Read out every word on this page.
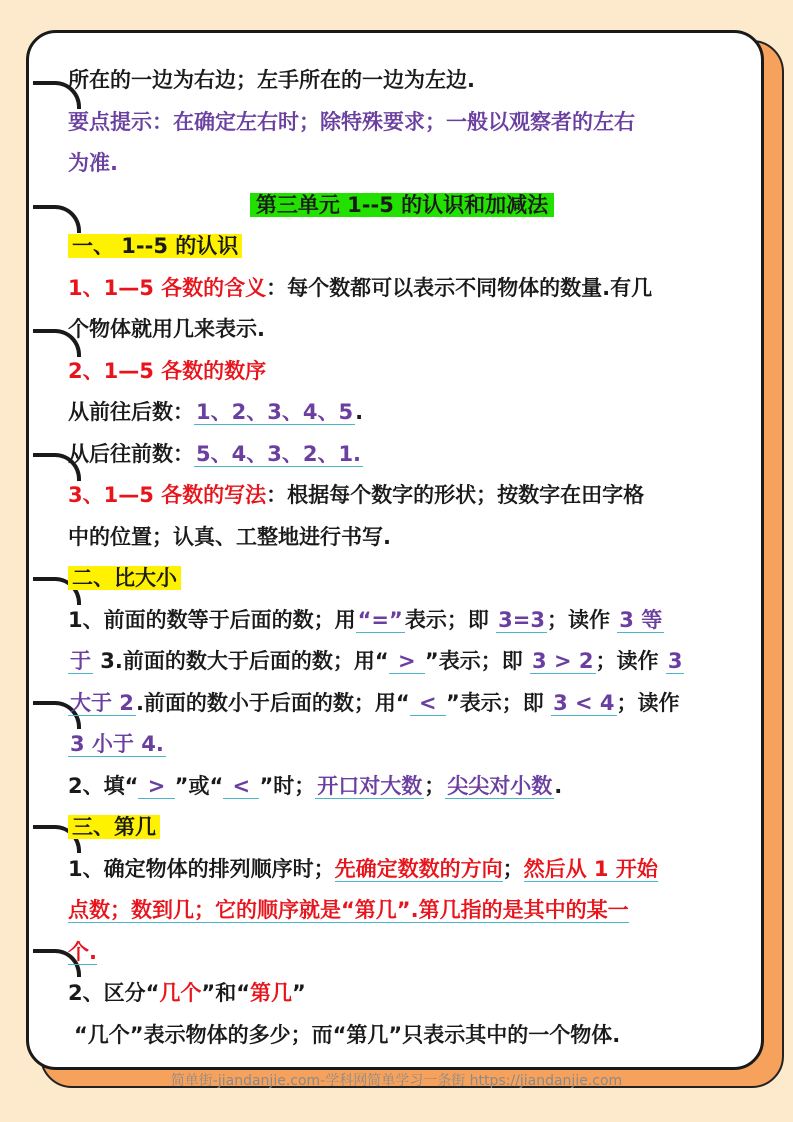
所在的一边为右边；左手所在的一边为左边.
要点提示：在确定左右时；除特殊要求；一般以观察者的左右
为准.
第三单元 1--5 的认识和加减法
一、 1--5 的认识
1、1—5 各数的含义：每个数都可以表示不同物体的数量.有几
个物体就用几来表示.
2、1—5 各数的数序
从前往后数：1、2、3、4、5.
从后往前数：5、4、3、2、1.
3、1—5 各数的写法：根据每个数字的形状；按数字在田字格
中的位置；认真、工整地进行书写.
二、比大小
1、前面的数等于后面的数；用“=”表示；即 3=3；读作 3 等
于 3.前面的数大于后面的数；用“ > ”表示；即 3 > 2；读作 3
大于 2.前面的数小于后面的数；用“ < ”表示；即 3 < 4；读作
3 小于 4.
2、填“ > ”或“ < ”时；开口对大数；尖尖对小数.
三、第几
1、确定物体的排列顺序时；先确定数数的方向；然后从 1 开始
点数；数到几；它的顺序就是“第几”.第几指的是其中的某一
个.
2、区分“几个”和“第几”
“几个”表示物体的多少；而“第几”只表示其中的一个物体.
简单街-jiandanjie.com-学科网简单学习一条街 https://jiandanjie.com
